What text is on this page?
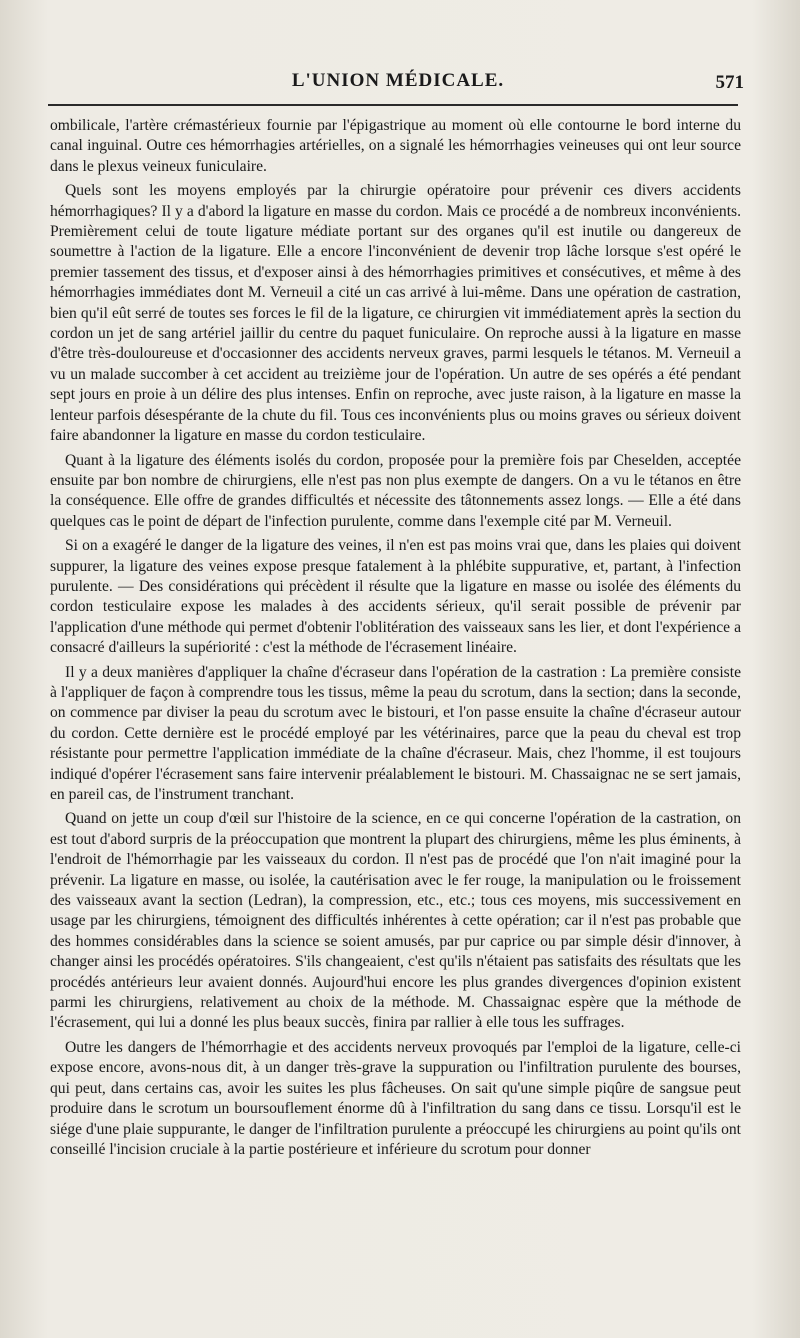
L'UNION MÉDICALE.	571

ombilicale, l'artère crémastérieux fournie par l'épigastrique au moment où elle contourne le bord interne du canal inguinal. Outre ces hémorrhagies artérielles, on a signalé les hémorrhagies veineuses qui ont leur source dans le plexus veineux funiculaire.

Quels sont les moyens employés par la chirurgie opératoire pour prévenir ces divers accidents hémorrhagiques? Il y a d'abord la ligature en masse du cordon. Mais ce procédé a de nombreux inconvénients. Premièrement celui de toute ligature médiate portant sur des organes qu'il est inutile ou dangereux de soumettre à l'action de la ligature. Elle a encore l'inconvénient de devenir trop lâche lorsque s'est opéré le premier tassement des tissus, et d'exposer ainsi à des hémorrhagies primitives et consécutives, et même à des hémorrhagies immédiates dont M. Verneuil a cité un cas arrivé à lui-même. Dans une opération de castration, bien qu'il eût serré de toutes ses forces le fil de la ligature, ce chirurgien vit immédiatement après la section du cordon un jet de sang artériel jaillir du centre du paquet funiculaire. On reproche aussi à la ligature en masse d'être très-douloureuse et d'occasionner des accidents nerveux graves, parmi lesquels le tétanos. M. Verneuil a vu un malade succomber à cet accident au treizième jour de l'opération. Un autre de ses opérés a été pendant sept jours en proie à un délire des plus intenses. Enfin on reproche, avec juste raison, à la ligature en masse la lenteur parfois désespérante de la chute du fil. Tous ces inconvénients plus ou moins graves ou sérieux doivent faire abandonner la ligature en masse du cordon testiculaire.

Quant à la ligature des éléments isolés du cordon, proposée pour la première fois par Cheselden, acceptée ensuite par bon nombre de chirurgiens, elle n'est pas non plus exempte de dangers. On a vu le tétanos en être la conséquence. Elle offre de grandes difficultés et nécessite des tâtonnements assez longs. — Elle a été dans quelques cas le point de départ de l'infection purulente, comme dans l'exemple cité par M. Verneuil.

Si on a exagéré le danger de la ligature des veines, il n'en est pas moins vrai que, dans les plaies qui doivent suppurer, la ligature des veines expose presque fatalement à la phlébite suppurative, et, partant, à l'infection purulente. — Des considérations qui précèdent il résulte que la ligature en masse ou isolée des éléments du cordon testiculaire expose les malades à des accidents sérieux, qu'il serait possible de prévenir par l'application d'une méthode qui permet d'obtenir l'oblitération des vaisseaux sans les lier, et dont l'expérience a consacré d'ailleurs la supériorité : c'est la méthode de l'écrasement linéaire.

Il y a deux manières d'appliquer la chaîne d'écraseur dans l'opération de la castration : La première consiste à l'appliquer de façon à comprendre tous les tissus, même la peau du scrotum, dans la section; dans la seconde, on commence par diviser la peau du scrotum avec le bistouri, et l'on passe ensuite la chaîne d'écraseur autour du cordon. Cette dernière est le procédé employé par les vétérinaires, parce que la peau du cheval est trop résistante pour permettre l'application immédiate de la chaîne d'écraseur. Mais, chez l'homme, il est toujours indiqué d'opérer l'écrasement sans faire intervenir préalablement le bistouri. M. Chassaignac ne se sert jamais, en pareil cas, de l'instrument tranchant.

Quand on jette un coup d'œil sur l'histoire de la science, en ce qui concerne l'opération de la castration, on est tout d'abord surpris de la préoccupation que montrent la plupart des chirurgiens, même les plus éminents, à l'endroit de l'hémorrhagie par les vaisseaux du cordon. Il n'est pas de procédé que l'on n'ait imaginé pour la prévenir. La ligature en masse, ou isolée, la cautérisation avec le fer rouge, la manipulation ou le froissement des vaisseaux avant la section (Ledran), la compression, etc., etc.; tous ces moyens, mis successivement en usage par les chirurgiens, témoignent des difficultés inhérentes à cette opération; car il n'est pas probable que des hommes considérables dans la science se soient amusés, par pur caprice ou par simple désir d'innover, à changer ainsi les procédés opératoires. S'ils changeaient, c'est qu'ils n'étaient pas satisfaits des résultats que les procédés antérieurs leur avaient donnés. Aujourd'hui encore les plus grandes divergences d'opinion existent parmi les chirurgiens, relativement au choix de la méthode. M. Chassaignac espère que la méthode de l'écrasement, qui lui a donné les plus beaux succès, finira par rallier à elle tous les suffrages.

Outre les dangers de l'hémorrhagie et des accidents nerveux provoqués par l'emploi de la ligature, celle-ci expose encore, avons-nous dit, à un danger très-grave la suppuration ou l'infiltration purulente des bourses, qui peut, dans certains cas, avoir les suites les plus fâcheuses. On sait qu'une simple piqûre de sangsue peut produire dans le scrotum un boursouflement énorme dû à l'infiltration du sang dans ce tissu. Lorsqu'il est le siége d'une plaie suppurante, le danger de l'infiltration purulente a préoccupé les chirurgiens au point qu'ils ont conseillé l'incision cruciale à la partie postérieure et inférieure du scrotum pour donner
